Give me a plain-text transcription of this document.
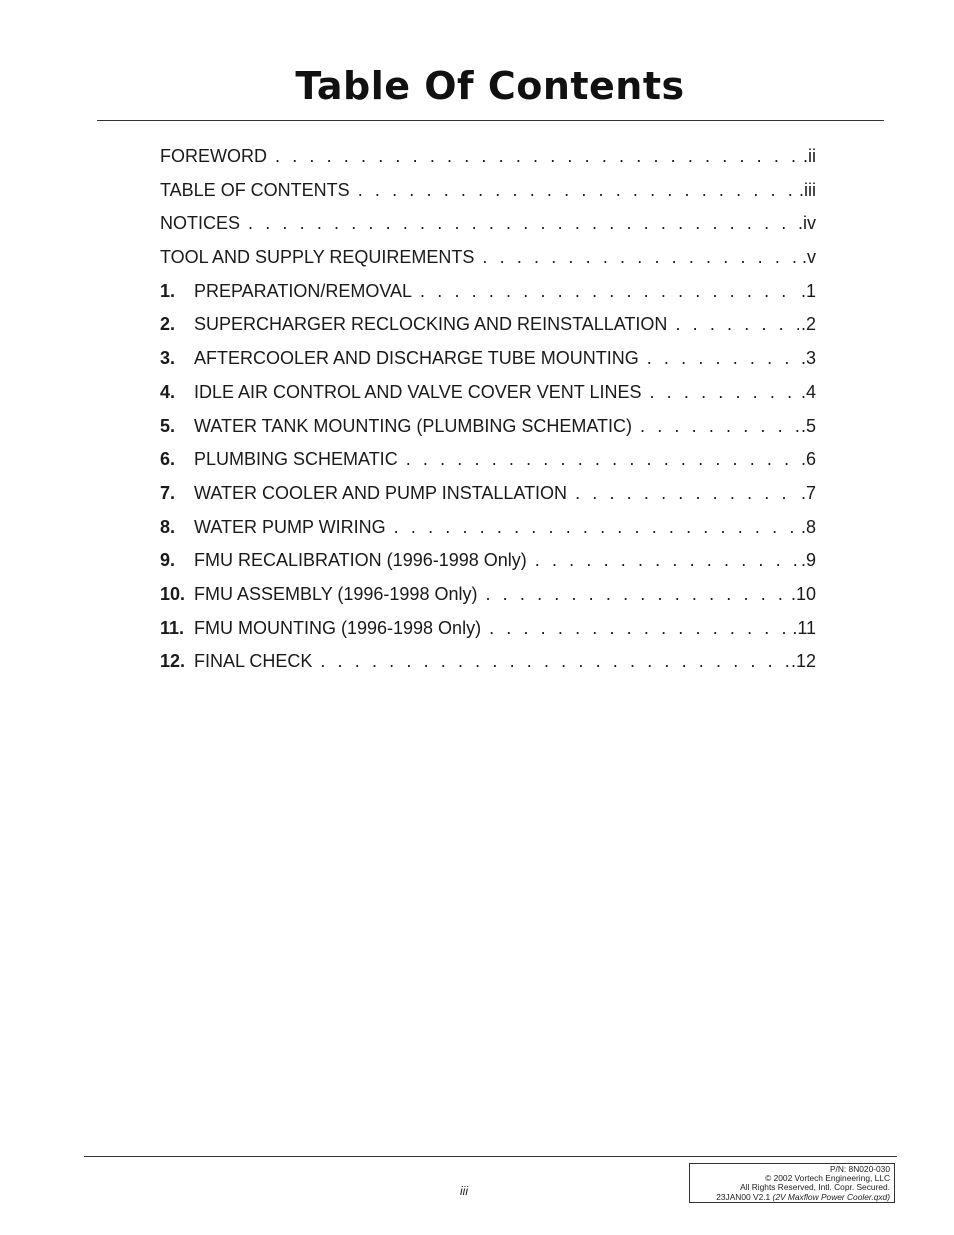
Table Of Contents
FOREWORD . . .	.ii
TABLE OF CONTENTS . . .	.iii
NOTICES . . .	.iv
TOOL AND SUPPLY REQUIREMENTS . . .	.v
1.	PREPARATION/REMOVAL . . .	.1
2.	SUPERCHARGER RECLOCKING AND REINSTALLATION . . .	.2
3.	AFTERCOOLER AND DISCHARGE TUBE MOUNTING . . .	.3
4.	IDLE AIR CONTROL AND VALVE COVER VENT LINES . . .	.4
5.	WATER TANK MOUNTING (PLUMBING SCHEMATIC) . . .	.5
6.	PLUMBING SCHEMATIC . . .	.6
7.	WATER COOLER AND PUMP INSTALLATION . . .	.7
8.	WATER PUMP WIRING . . .	.8
9.	FMU RECALIBRATION (1996-1998 Only) . . .	.9
10. FMU ASSEMBLY (1996-1998 Only) . . .	.10
11. FMU MOUNTING (1996-1998 Only) . . .	.11
12. FINAL CHECK . . .	.12
iii
P/N: 8N020-030
© 2002 Vortech Engineering, LLC
All Rights Reserved, Intl. Copr. Secured.
23JAN00 V2.1 (2V Maxflow Power Cooler.qxd)
